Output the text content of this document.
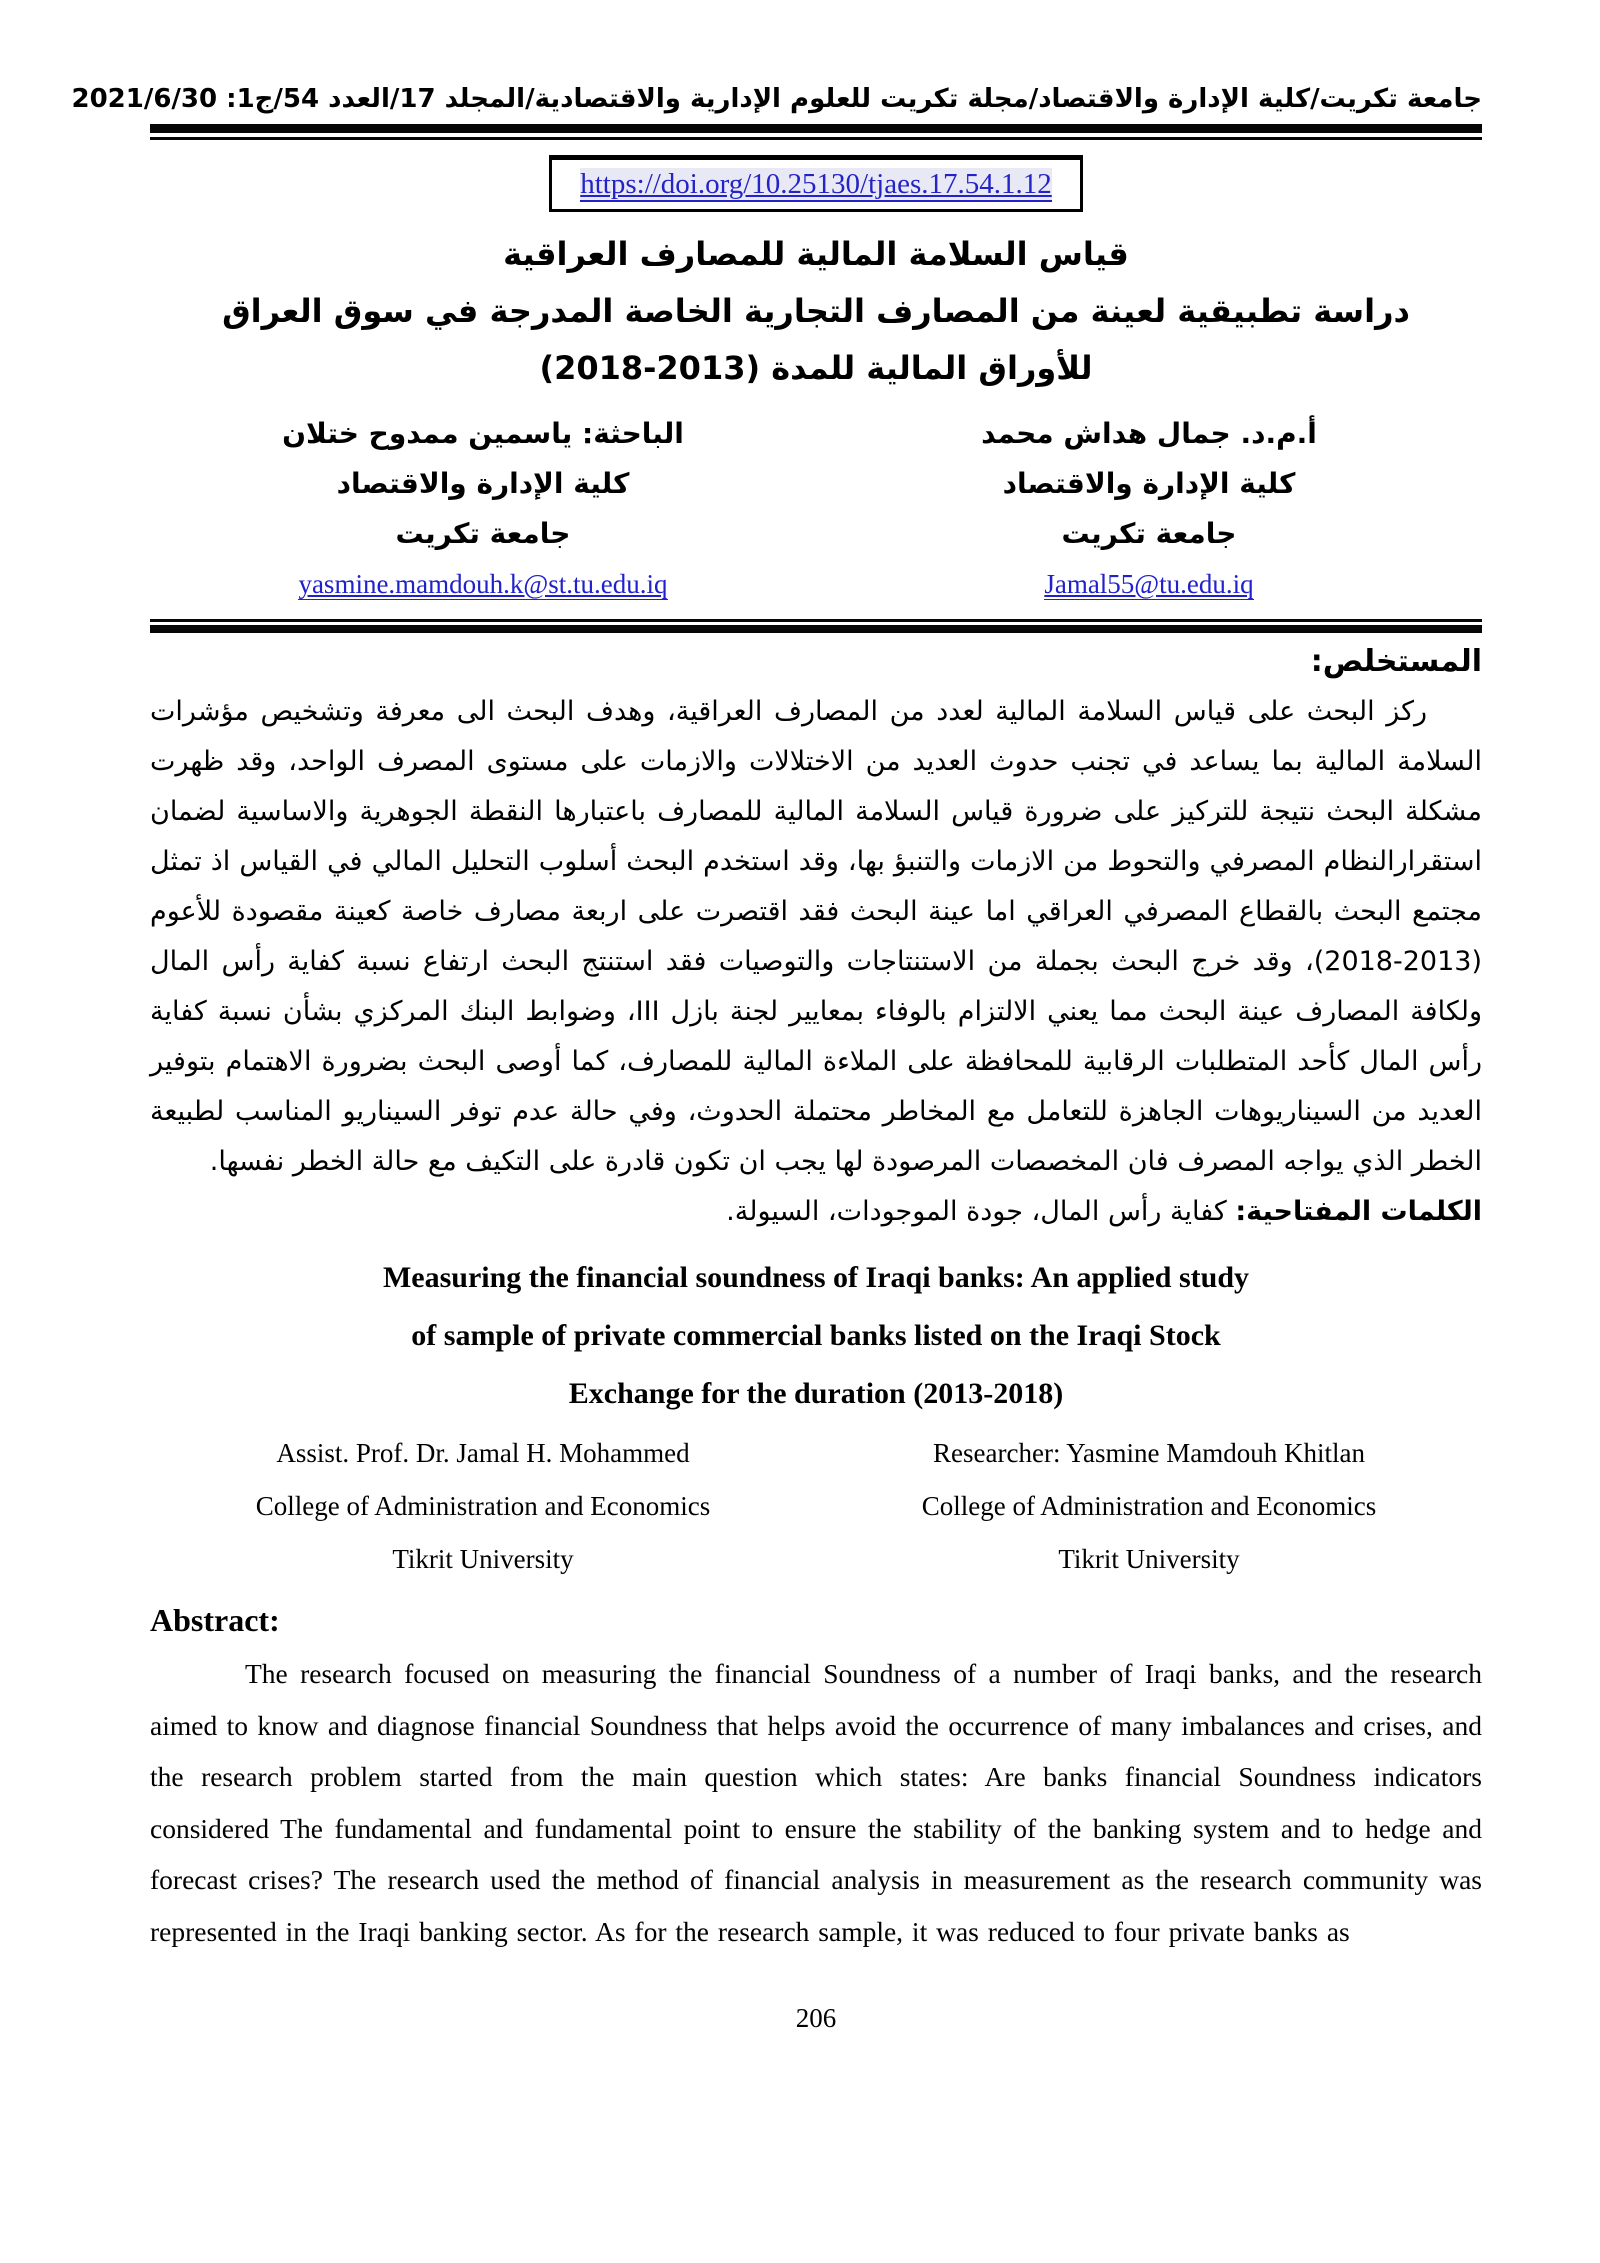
جامعة تكريت/كلية الإدارة والاقتصاد/مجلة تكريت للعلوم الإدارية والاقتصادية/المجلد 17/العدد 54/ج1: 2021/6/30
https://doi.org/10.25130/tjaes.17.54.1.12
قياس السلامة المالية للمصارف العراقية
دراسة تطبيقية لعينة من المصارف التجارية الخاصة المدرجة في سوق العراق
للأوراق المالية للمدة (2013‏-‏2018)
أ.م.د. جمال هداش محمد
كلية الإدارة والاقتصاد
جامعة تكريت
Jamal55@tu.edu.iq
الباحثة: ياسمين ممدوح ختلان
كلية الإدارة والاقتصاد
جامعة تكريت
yasmine.mamdouh.k@st.tu.edu.iq
المستخلص:
ركز البحث على قياس السلامة المالية لعدد من المصارف العراقية، وهدف البحث الى معرفة وتشخيص مؤشرات السلامة المالية بما يساعد في تجنب حدوث العديد من الاختلالات والازمات على مستوى المصرف الواحد، وقد ظهرت مشكلة البحث نتيجة للتركيز على ضرورة قياس السلامة المالية للمصارف باعتبارها النقطة الجوهرية والاساسية لضمان استقرارالنظام المصرفي والتحوط من الازمات والتنبؤ بها، وقد استخدم البحث أسلوب التحليل المالي في القياس اذ تمثل مجتمع البحث بالقطاع المصرفي العراقي اما عينة البحث فقد اقتصرت على اربعة مصارف خاصة كعينة مقصودة للأعوم (2013‏-‏2018)، وقد خرج البحث بجملة من الاستنتاجات والتوصيات فقد استنتج البحث ارتفاع نسبة كفاية رأس المال ولكافة المصارف عينة البحث مما يعني الالتزام بالوفاء بمعايير لجنة بازل III، وضوابط البنك المركزي بشأن نسبة كفاية رأس المال كأحد المتطلبات الرقابية للمحافظة على الملاءة المالية للمصارف، كما أوصى البحث بضرورة الاهتمام بتوفير العديد من السيناريوهات الجاهزة للتعامل مع المخاطر محتملة الحدوث، وفي حالة عدم توفر السيناريو المناسب لطبيعة الخطر الذي يواجه المصرف فان المخصصات المرصودة لها يجب ان تكون قادرة على التكيف مع حالة الخطر نفسها.
الكلمات المفتاحية: كفاية رأس المال، جودة الموجودات، السيولة.
Measuring the financial soundness of Iraqi banks: An applied study
of sample of private commercial banks listed on the Iraqi Stock
Exchange for the duration (2013-2018)
Assist. Prof. Dr. Jamal H. Mohammed
College of Administration and Economics
Tikrit University
Researcher: Yasmine Mamdouh Khitlan
College of Administration and Economics
Tikrit University
Abstract:
The research focused on measuring the financial Soundness of a number of Iraqi banks, and the research aimed to know and diagnose financial Soundness that helps avoid the occurrence of many imbalances and crises, and the research problem started from the main question which states: Are banks financial Soundness indicators considered The fundamental and fundamental point to ensure the stability of the banking system and to hedge and forecast crises? The research used the method of financial analysis in measurement as the research community was represented in the Iraqi banking sector. As for the research sample, it was reduced to four private banks as
206
